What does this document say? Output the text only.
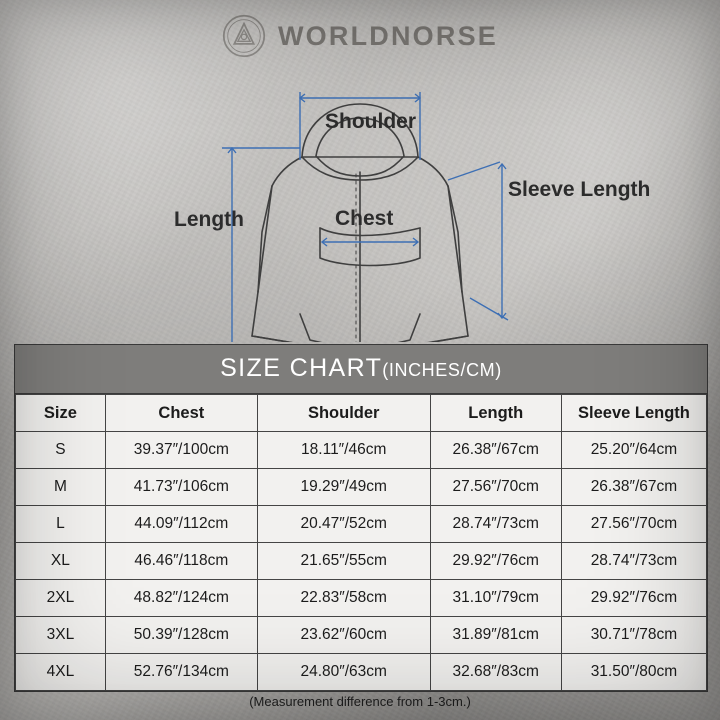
WORLDNORSE
Shoulder
Sleeve Length
Length	Chest
SIZE CHART(INCHES/CM)
Size	Chest	Shoulder	Length	Sleeve Length
S	39.37″/100cm	18.11″/46cm	26.38″/67cm	25.20″/64cm
M	41.73″/106cm	19.29″/49cm	27.56″/70cm	26.38″/67cm
L	44.09″/112cm	20.47″/52cm	28.74″/73cm	27.56″/70cm
XL	46.46″/118cm	21.65″/55cm	29.92″/76cm	28.74″/73cm
2XL	48.82″/124cm	22.83″/58cm	31.10″/79cm	29.92″/76cm
3XL	50.39″/128cm	23.62″/60cm	31.89″/81cm	30.71″/78cm
4XL	52.76″/134cm	24.80″/63cm	32.68″/83cm	31.50″/80cm
(Measurement difference from 1-3cm.)
